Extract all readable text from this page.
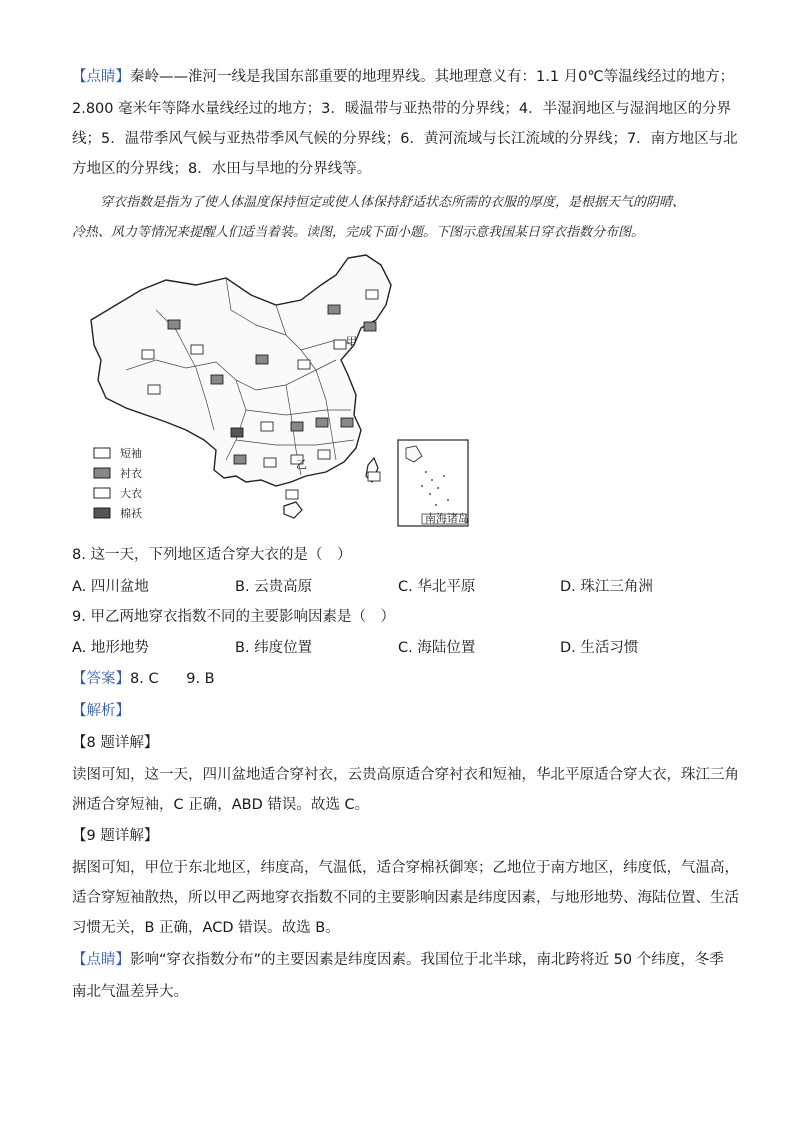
【点睛】秦岭——淮河一线是我国东部重要的地理界线。其地理意义有：1.1 月0℃等温线经过的地方；
2.800 毫米年等降水量线经过的地方；3．暖温带与亚热带的分界线；4．半湿润地区与湿润地区的分界
线；5．温带季风气候与亚热带季风气候的分界线；6．黄河流域与长江流域的分界线；7．南方地区与北
方地区的分界线；8．水田与旱地的分界线等。
穿衣指数是指为了使人体温度保持恒定或使人体保持舒适状态所需的衣服的厚度，是根据天气的阴晴、
冷热、风力等情况来提醒人们适当着装。读图，完成下面小题。下图示意我国某日穿衣指数分布图。
南海诸岛
甲
乙
短袖
衬衣
大衣
棉袄
8. 这一天，下列地区适合穿大衣的是（　）
A. 四川盆地	B. 云贵高原	C. 华北平原	D. 珠江三角洲
9. 甲乙两地穿衣指数不同的主要影响因素是（　）
A. 地形地势	B. 纬度位置	C. 海陆位置	D. 生活习惯
【答案】8. C      9. B
【解析】
【8 题详解】
读图可知，这一天，四川盆地适合穿衬衣，云贵高原适合穿衬衣和短袖，华北平原适合穿大衣，珠江三角
洲适合穿短袖，C 正确，ABD 错误。故选 C。
【9 题详解】
据图可知，甲位于东北地区，纬度高，气温低，适合穿棉袄御寒；乙地位于南方地区，纬度低，气温高，
适合穿短袖散热，所以甲乙两地穿衣指数不同的主要影响因素是纬度因素，与地形地势、海陆位置、生活
习惯无关，B 正确，ACD 错误。故选 B。
【点睛】影响“穿衣指数分布”的主要因素是纬度因素。我国位于北半球，南北跨将近 50 个纬度，冬季
南北气温差异大。
